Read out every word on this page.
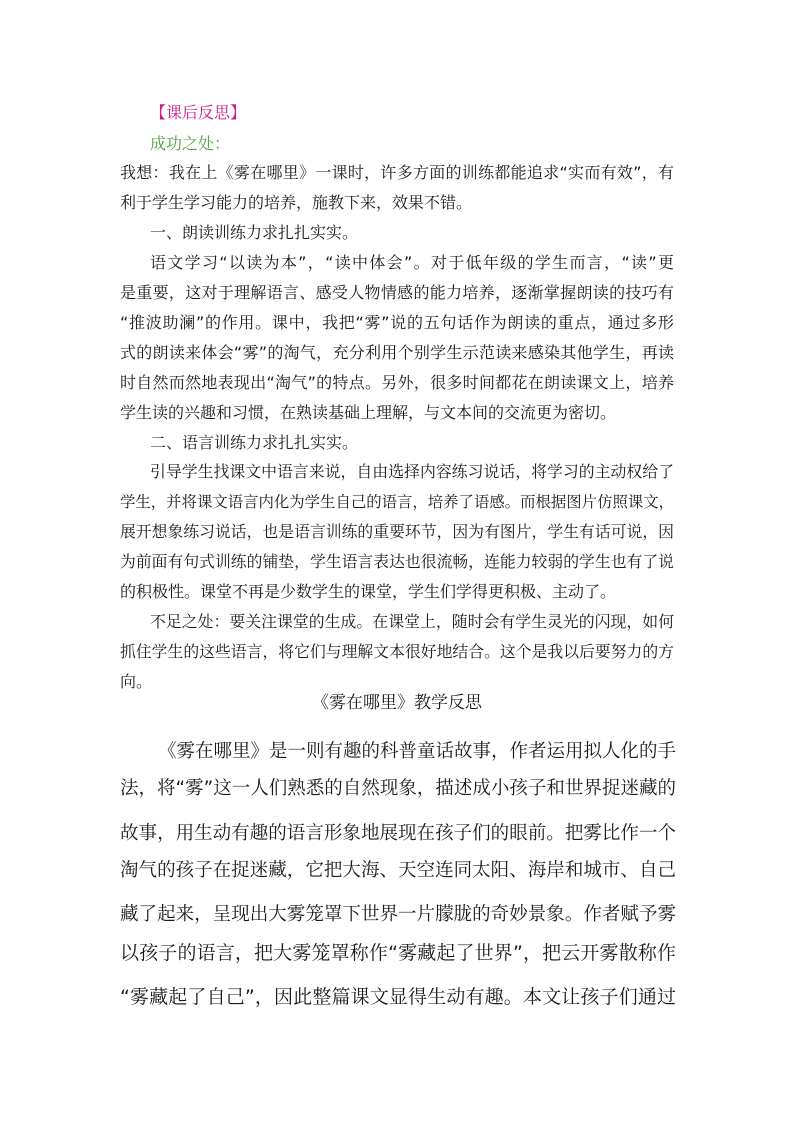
【课后反思】
成功之处：
我想：我在上《雾在哪里》一课时，许多方面的训练都能追求“实而有效”，有
利于学生学习能力的培养，施教下来，效果不错。
一、朗读训练力求扎扎实实。
语文学习“以读为本”，“读中体会”。对于低年级的学生而言，“读”更
是重要，这对于理解语言、感受人物情感的能力培养，逐渐掌握朗读的技巧有
“推波助澜”的作用。课中，我把“雾”说的五句话作为朗读的重点，通过多形
式的朗读来体会“雾”的淘气，充分利用个别学生示范读来感染其他学生，再读
时自然而然地表现出“淘气”的特点。另外，很多时间都花在朗读课文上，培养
学生读的兴趣和习惯，在熟读基础上理解，与文本间的交流更为密切。
二、语言训练力求扎扎实实。
引导学生找课文中语言来说，自由选择内容练习说话，将学习的主动权给了
学生，并将课文语言内化为学生自己的语言，培养了语感。而根据图片仿照课文，
展开想象练习说话，也是语言训练的重要环节，因为有图片，学生有话可说，因
为前面有句式训练的铺垫，学生语言表达也很流畅，连能力较弱的学生也有了说
的积极性。课堂不再是少数学生的课堂，学生们学得更积极、主动了。
不足之处：要关注课堂的生成。在课堂上，随时会有学生灵光的闪现，如何
抓住学生的这些语言，将它们与理解文本很好地结合。这个是我以后要努力的方
向。
《雾在哪里》教学反思
《雾在哪里》是一则有趣的科普童话故事，作者运用拟人化的手
法，将“雾”这一人们熟悉的自然现象，描述成小孩子和世界捉迷藏的
故事，用生动有趣的语言形象地展现在孩子们的眼前。把雾比作一个
淘气的孩子在捉迷藏，它把大海、天空连同太阳、海岸和城市、自己
藏了起来，呈现出大雾笼罩下世界一片朦胧的奇妙景象。作者赋予雾
以孩子的语言，把大雾笼罩称作“雾藏起了世界”，把云开雾散称作
“雾藏起了自己”，因此整篇课文显得生动有趣。本文让孩子们通过
